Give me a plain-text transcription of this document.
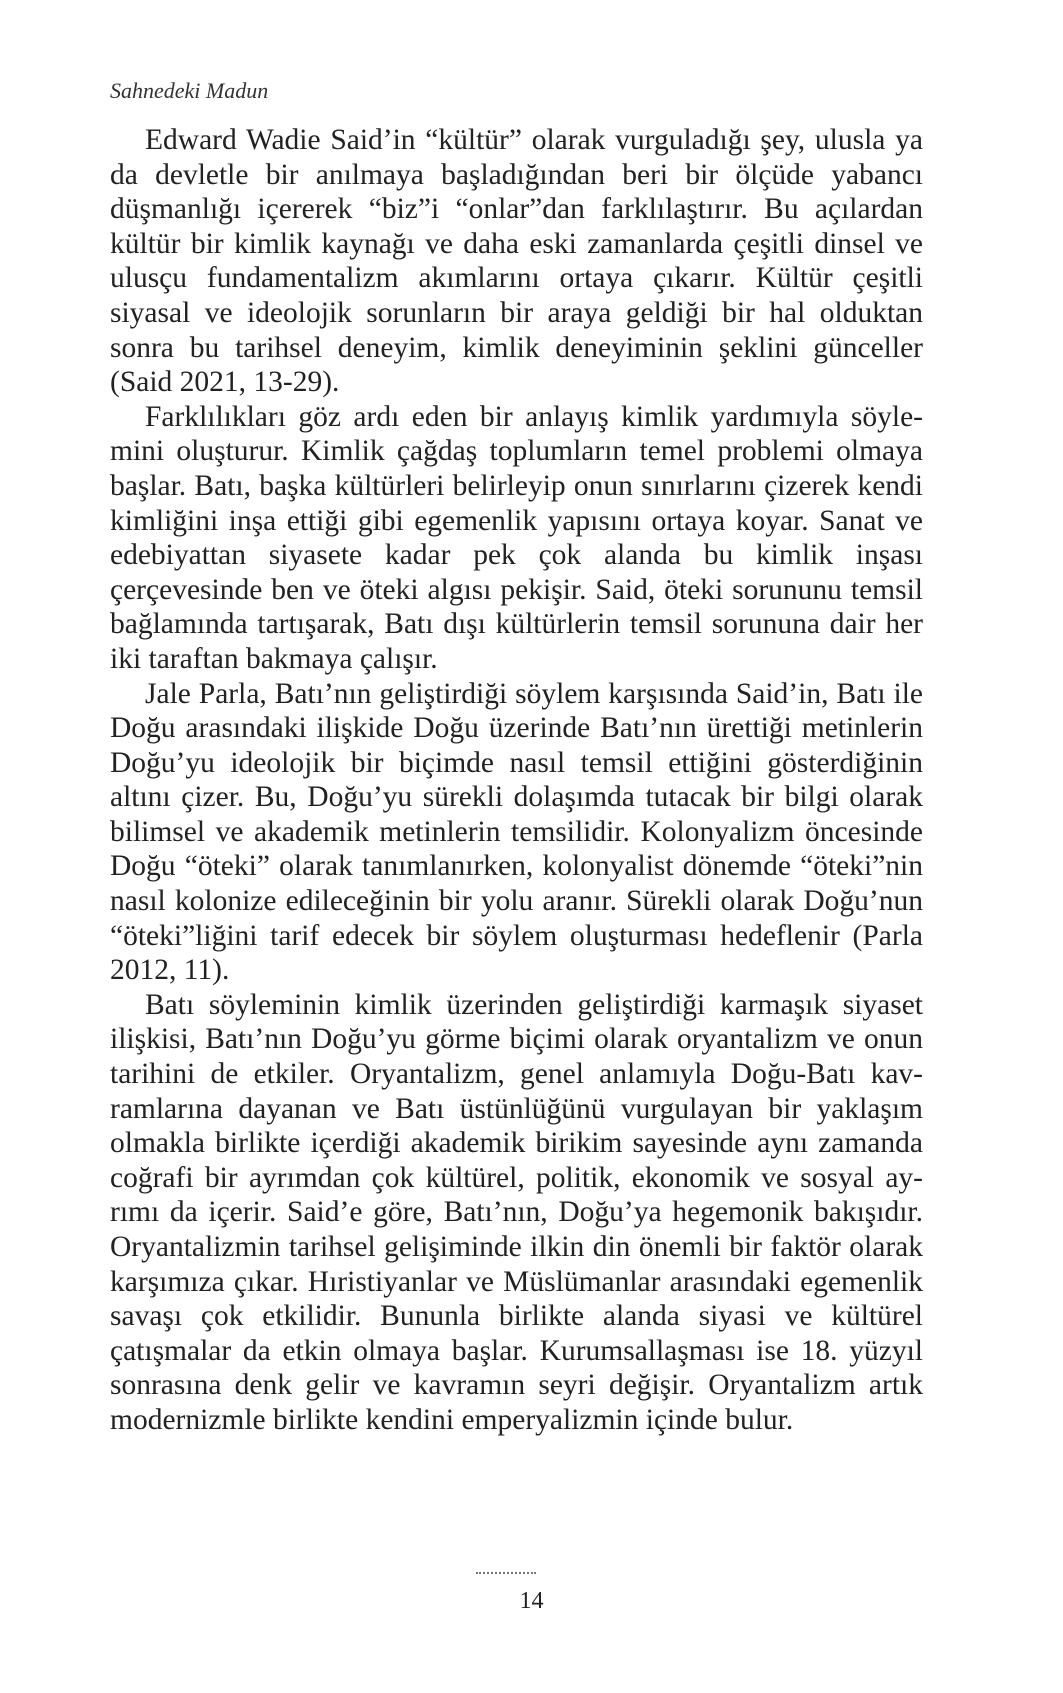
Sahnedeki Madun

Edward Wadie Said’in “kültür” olarak vurguladığı şey, ulusla ya da devletle bir anılmaya başladığından beri bir ölçüde yabancı düşmanlığı içererek “biz”i “onlar”dan farklılaştırır. Bu açılardan kültür bir kimlik kaynağı ve daha eski zamanlarda çeşitli dinsel ve ulusçu fundamentalizm akımlarını ortaya çıkarır. Kültür çeşitli siyasal ve ideolojik sorunların bir araya geldiği bir hal olduktan sonra bu tarihsel deneyim, kimlik deneyiminin şeklini günceller (Said 2021, 13-29).

Farklılıkları göz ardı eden bir anlayış kimlik yardımıyla söylemini oluşturur. Kimlik çağdaş toplumların temel problemi olmaya başlar. Batı, başka kültürleri belirleyip onun sınırlarını çizerek kendi kimliğini inşa ettiği gibi egemenlik yapısını ortaya koyar. Sanat ve edebiyattan siyasete kadar pek çok alanda bu kimlik inşası çerçevesinde ben ve öteki algısı pekişir. Said, öteki sorununu temsil bağlamında tartışarak, Batı dışı kültürlerin temsil sorununa dair her iki taraftan bakmaya çalışır.

Jale Parla, Batı’nın geliştirdiği söylem karşısında Said’in, Batı ile Doğu arasındaki ilişkide Doğu üzerinde Batı’nın ürettiği metinlerin Doğu’yu ideolojik bir biçimde nasıl temsil ettiğini gösterdiğinin altını çizer. Bu, Doğu’yu sürekli dolaşımda tutacak bir bilgi olarak bilimsel ve akademik metinlerin temsilidir. Kolonyalizm öncesinde Doğu “öteki” olarak tanımlanırken, kolonyalist dönemde “öteki”nin nasıl kolonize edileceğinin bir yolu aranır. Sürekli olarak Doğu’nun “öteki”liğini tarif edecek bir söylem oluşturması hedeflenir (Parla 2012, 11).

Batı söyleminin kimlik üzerinden geliştirdiği karmaşık siyaset ilişkisi, Batı’nın Doğu’yu görme biçimi olarak oryantalizm ve onun tarihini de etkiler. Oryantalizm, genel anlamıyla Doğu-Batı kavramlarına dayanan ve Batı üstünlüğünü vurgulayan bir yaklaşım olmakla birlikte içerdiği akademik birikim sayesinde aynı zamanda coğrafi bir ayrımdan çok kültürel, politik, ekonomik ve sosyal ayrımı da içerir. Said’e göre, Batı’nın, Doğu’ya hegemonik bakışıdır. Oryantalizmin tarihsel gelişiminde ilkin din önemli bir faktör olarak karşımıza çıkar. Hıristiyanlar ve Müslümanlar arasındaki egemenlik savaşı çok etkilidir. Bununla birlikte alanda siyasi ve kültürel çatışmalar da etkin olmaya başlar. Kurumsallaşması ise 18. yüzyıl sonrasına denk gelir ve kavramın seyri değişir. Oryantalizm artık modernizmle birlikte kendini emperyalizmin içinde bulur.

14
